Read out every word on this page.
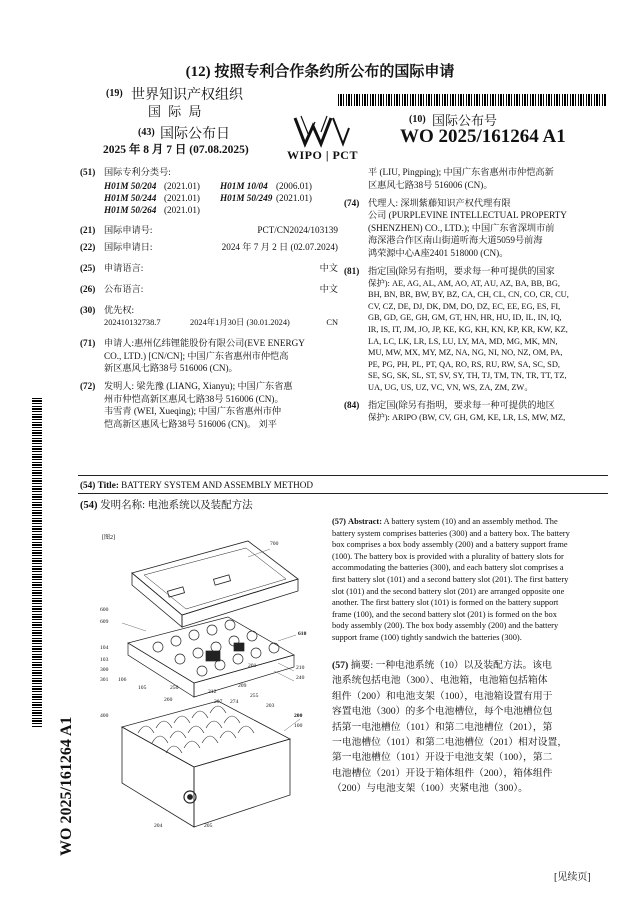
(12) 按照专利合作条约所公布的国际申请
(19) 世界知识产权组织
国 际 局
WIPO | PCT
(43) 国际公布日
2025 年 8 月 7 日 (07.08.2025)
(10) 国际公布号
WO 2025/161264 A1
(51) 国际专利分类号:
H01M 50/204 (2021.01) H01M 10/04 (2006.01)
H01M 50/244 (2021.01) H01M 50/249 (2021.01)
H01M 50/264 (2021.01)
(21) 国际申请号:	PCT/CN2024/103139
(22) 国际申请日:	2024 年 7 月 2 日 (02.07.2024)
(25) 申请语言:	中文
(26) 公布语言:	中文
(30) 优先权:
202410132738.7	2024年1月30日 (30.01.2024)	CN
(71) 申请人:惠州亿纬锂能股份有限公司(EVE ENERGY
CO., LTD.) [CN/CN]; 中国广东省惠州市仲恺高
新区惠风七路38号 516006 (CN)。
(72) 发明人: 梁先豫 (LIANG, Xianyu); 中国广东省惠
州市仲恺高新区惠风七路38号 516006 (CN)。
韦雪青 (WEI, Xueqing); 中国广东省惠州市仲
恺高新区惠风七路38号 516006 (CN)。 刘平
平 (LIU, Pingping); 中国广东省惠州市仲恺高新
区惠风七路38号 516006 (CN)。
(74) 代理人: 深圳紫藤知识产权代理有限
公司 (PURPLEVINE INTELLECTUAL PROPERTY
(SHENZHEN) CO., LTD.); 中国广东省深圳市前
海深港合作区南山街道听海大道5059号前海
鸿荣源中心A座2401 518000 (CN)。
(81) 指定国(除另有指明，要求每一种可提供的国家
保护): AE, AG, AL, AM, AO, AT, AU, AZ, BA, BB, BG,
BH, BN, BR, BW, BY, BZ, CA, CH, CL, CN, CO, CR, CU,
CV, CZ, DE, DJ, DK, DM, DO, DZ, EC, EE, EG, ES, FI,
GB, GD, GE, GH, GM, GT, HN, HR, HU, ID, IL, IN, IQ,
IR, IS, IT, JM, JO, JP, KE, KG, KH, KN, KP, KR, KW, KZ,
LA, LC, LK, LR, LS, LU, LY, MA, MD, MG, MK, MN,
MU, MW, MX, MY, MZ, NA, NG, NI, NO, NZ, OM, PA,
PE, PG, PH, PL, PT, QA, RO, RS, RU, RW, SA, SC, SD,
SE, SG, SK, SL, ST, SV, SY, TH, TJ, TM, TN, TR, TT, TZ,
UA, UG, US, UZ, VC, VN, WS, ZA, ZM, ZW。
(84) 指定国(除另有指明，要求每一种可提供的地区
保护): ARIPO (BW, CV, GH, GM, KE, LR, LS, MW, MZ,
(54) Title: BATTERY SYSTEM AND ASSEMBLY METHOD
(54) 发明名称: 电池系统以及装配方法
[图2]
700
600
609
610
104
103
300
301 106
105	250
212
201	210
240
209
207 274
203
255
260
400
204	205
200
100
(57) Abstract: A battery system (10) and an assembly method. The
battery system comprises batteries (300) and a battery box. The battery
box comprises a box body assembly (200) and a battery support frame
(100). The battery box is provided with a plurality of battery slots for
accommodating the batteries (300), and each battery slot comprises a
first battery slot (101) and a second battery slot (201). The first battery
slot (101) and the second battery slot (201) are arranged opposite one
another. The first battery slot (101) is formed on the battery support
frame (100), and the second battery slot (201) is formed on the box
body assembly (200). The box body assembly (200) and the battery
support frame (100) tightly sandwich the batteries (300).
(57) 摘要: 一种电池系统（10）以及装配方法。该电
池系统包括电池（300）、电池箱，电池箱包括箱体
组件（200）和电池支架（100），电池箱设置有用于
容置电池（300）的多个电池槽位，每个电池槽位包
括第一电池槽位（101）和第二电池槽位（201），第
一电池槽位（101）和第二电池槽位（201）相对设置，
第一电池槽位（101）开设于电池支架（100），第二
电池槽位（201）开设于箱体组件（200），箱体组件
（200）与电池支架（100）夹紧电池（300）。
WO 2025/161264 A1
[见续页]
